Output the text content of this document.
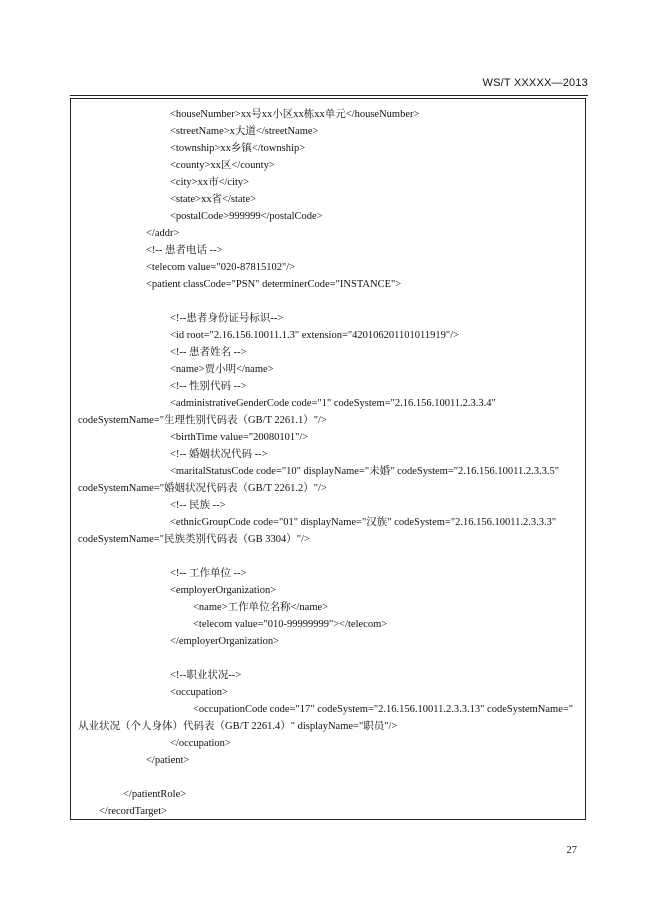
WS/T XXXXX—2013
<houseNumber>xx号xx小区xx栋xx单元</houseNumber>
<streetName>x大道</streetName>
<township>xx乡镇</township>
<county>xx区</county>
<city>xx市</city>
<state>xx省</state>
<postalCode>999999</postalCode>
</addr>
<!-- 患者电话 -->
<telecom value="020-87815102"/>
<patient classCode="PSN" determinerCode="INSTANCE">
<!--患者身份证号标识-->
<id root="2.16.156.10011.1.3" extension="420106201101011919"/>
<!-- 患者姓名 -->
<name>贾小明</name>
<!-- 性别代码 -->
<administrativeGenderCode code="1" codeSystem="2.16.156.10011.2.3.3.4"
codeSystemName="生理性别代码表（GB/T 2261.1）"/>
<birthTime value="20080101"/>
<!-- 婚姻状况代码 -->
<maritalStatusCode code="10" displayName="未婚" codeSystem="2.16.156.10011.2.3.3.5"
codeSystemName="婚姻状况代码表（GB/T 2261.2）"/>
<!-- 民族 -->
<ethnicGroupCode code="01" displayName="汉族" codeSystem="2.16.156.10011.2.3.3.3"
codeSystemName="民族类别代码表（GB 3304）"/>
<!-- 工作单位 -->
<employerOrganization>
<name>工作单位名称</name>
<telecom value="010-99999999"></telecom>
</employerOrganization>
<!--职业状况-->
<occupation>
<occupationCode code="17" codeSystem="2.16.156.10011.2.3.3.13" codeSystemName="
从业状况（个人身体）代码表（GB/T 2261.4）" displayName="职员"/>
</occupation>
</patient>
</patientRole>
</recordTarget>
27
